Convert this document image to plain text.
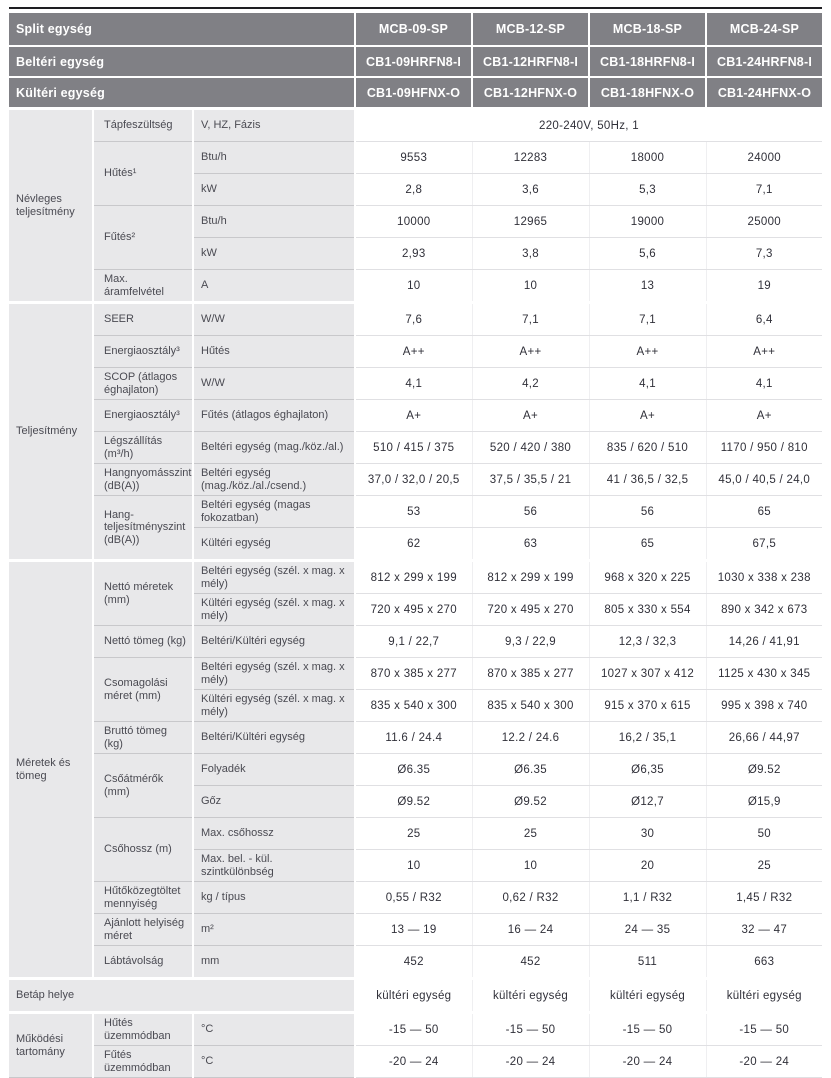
Split egység			MCB-09-SP	MCB-12-SP	MCB-18-SP	MCB-24-SP
Beltéri egység			CB1-09HRFN8-I	CB1-12HRFN8-I	CB1-18HRFN8-I	CB1-24HRFN8-I
Kültéri egység			CB1-09HFNX-O	CB1-12HFNX-O	CB1-18HFNX-O	CB1-24HFNX-O
Névleges teljesítmény	Tápfeszültség	V, HZ, Fázis	220-240V, 50Hz, 1			
	Hűtés¹	Btu/h	9553	12283	18000	24000
		kW	2,8	3,6	5,3	7,1
	Fűtés²	Btu/h	10000	12965	19000	25000
		kW	2,93	3,8	5,6	7,3
	Max. áramfelvétel	A	10	10	13	19
Teljesítmény	SEER	W/W	7,6	7,1	7,1	6,4
	Energiaosztály³	Hűtés	A++	A++	A++	A++
	SCOP (átlagos éghajlaton)	W/W	4,1	4,2	4,1	4,1
	Energiaosztály³	Fűtés (átlagos éghajlaton)	A+	A+	A+	A+
	Légszállítás (m³/h)	Beltéri egység (mag./köz./al.)	510 / 415 / 375	520 / 420 / 380	835 / 620 / 510	1170 / 950 / 810
	Hangnyomásszint (dB(A))	Beltéri egység (mag./köz./al./csend.)	37,0 / 32,0 / 20,5	37,5 / 35,5 / 21	41 / 36,5 / 32,5	45,0 / 40,5 / 24,0
	Hang-teljesítményszint (dB(A))	Beltéri egység (magas fokozatban)	53	56	56	65
		Kültéri egység	62	63	65	67,5
Méretek és tömeg	Nettó méretek (mm)	Beltéri egység (szél. x mag. x mély)	812 x 299 x 199	812 x 299 x 199	968 x 320 x 225	1030 x 338 x 238
		Kültéri egység (szél. x mag. x mély)	720 x 495 x 270	720 x 495 x 270	805 x 330 x 554	890 x 342 x 673
	Nettó tömeg (kg)	Beltéri/Kültéri egység	9,1 / 22,7	9,3 / 22,9	12,3 / 32,3	14,26 / 41,91
	Csomagolási méret (mm)	Beltéri egység (szél. x mag. x mély)	870 x 385 x 277	870 x 385 x 277	1027 x 307 x 412	1125 x 430 x 345
		Kültéri egység (szél. x mag. x mély)	835 x 540 x 300	835 x 540 x 300	915 x 370 x 615	995 x 398 x 740
	Bruttó tömeg (kg)	Beltéri/Kültéri egység	11.6 / 24.4	12.2 / 24.6	16,2 / 35,1	26,66 / 44,97
	Csőátmérők (mm)	Folyadék	Ø6.35	Ø6.35	Ø6,35	Ø9.52
		Gőz	Ø9.52	Ø9.52	Ø12,7	Ø15,9
	Csőhossz (m)	Max. csőhossz	25	25	30	50
		Max. bel. - kül. szintkülönbség	10	10	20	25
	Hűtőközegtöltet mennyiség	kg / típus	0,55 / R32	0,62 / R32	1,1 / R32	1,45 / R32
	Ajánlott helyiség méret	m²	13 — 19	16 — 24	24 — 35	32 — 47
	Lábtávolság	mm	452	452	511	663
Betáp helye			kültéri egység	kültéri egység	kültéri egység	kültéri egység
Működési tartomány	Hűtés üzemmódban	°C	-15 — 50	-15 — 50	-15 — 50	-15 — 50
	Fűtés üzemmódban	°C	-20 — 24	-20 — 24	-20 — 24	-20 — 24
